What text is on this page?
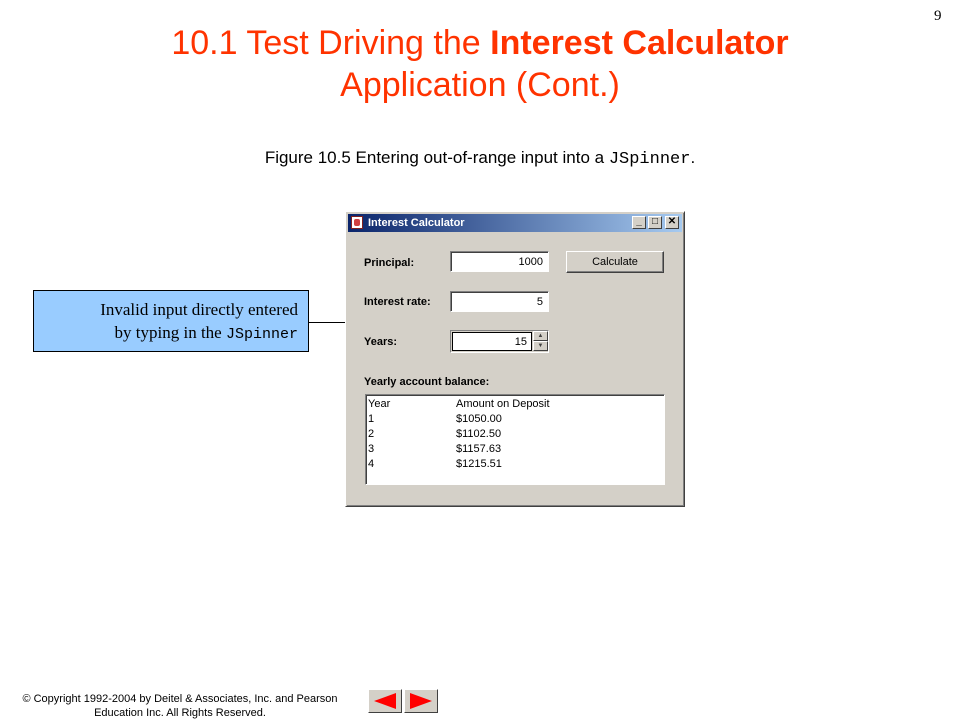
9
10.1 Test Driving the Interest Calculator
Application (Cont.)
Figure 10.5 Entering out-of-range input into a JSpinner.
Invalid input directly entered
by typing in the JSpinner
Interest Calculator	_	□ ✕
Principal:	1000	Calculate
Interest rate:	5
Years:	15	▲
▼
Yearly account balance:
Year	Amount on Deposit
1	$1050.00
2	$1102.50
3	$1157.63
4	$1215.51
© Copyright 1992-2004 by Deitel & Associates, Inc. and Pearson
Education Inc. All Rights Reserved.
